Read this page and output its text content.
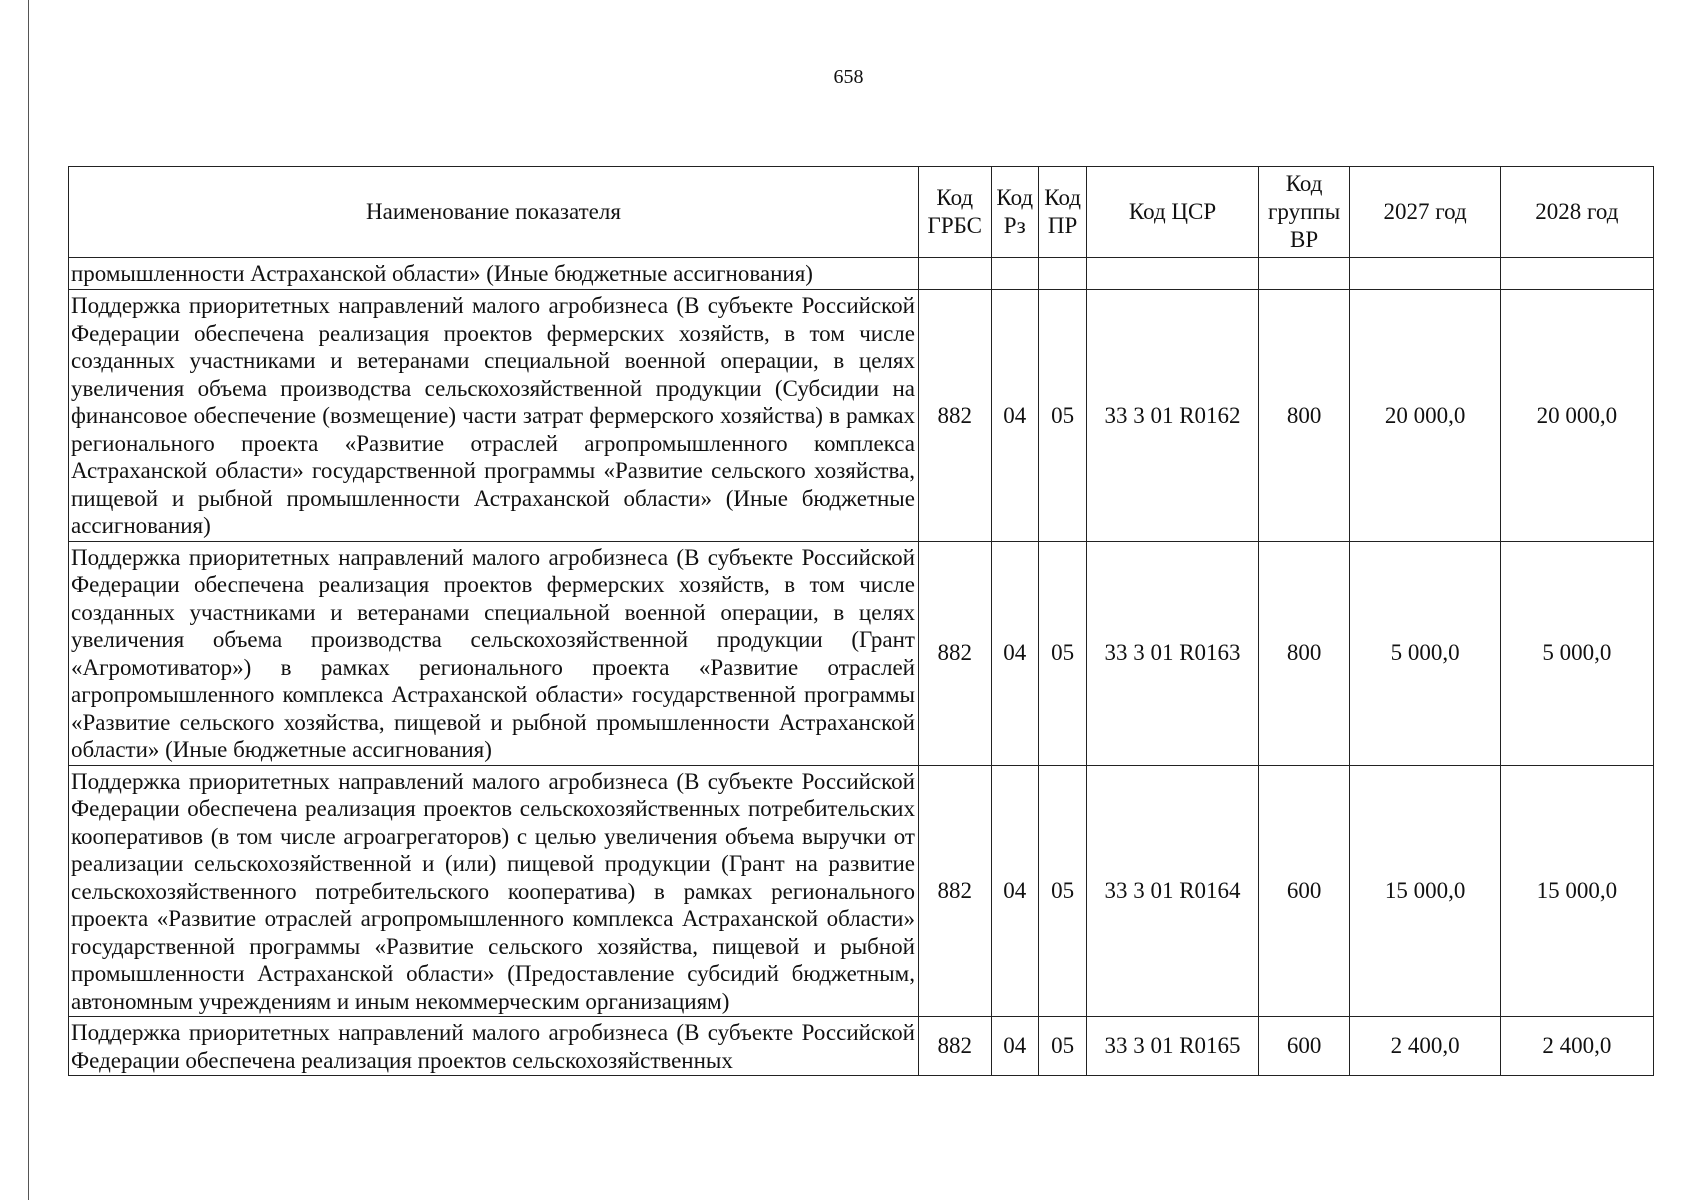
658
Наименование показателя	Код ГРБС	Код Рз	Код ПР	Код ЦСР	Код группы ВР	2027 год	2028 год
промышленности Астраханской области» (Иные бюджетные ассигнования)							
Поддержка приоритетных направлений малого агробизнеса (В субъекте Российской Федерации обеспечена реализация проектов фермерских хозяйств, в том числе созданных участниками и ветеранами специальной военной операции, в целях увеличения объема производства сельскохозяйственной продукции (Субсидии на финансовое обеспечение (возмещение) части затрат фермерского хозяйства) в рамках регионального проекта «Развитие отраслей агропромышленного комплекса Астраханской области» государственной программы «Развитие сельского хозяйства, пищевой и рыбной промышленности Астраханской области» (Иные бюджетные ассигнования)	882	04	05	33 3 01 R0162	800	20 000,0	20 000,0
Поддержка приоритетных направлений малого агробизнеса (В субъекте Российской Федерации обеспечена реализация проектов фермерских хозяйств, в том числе созданных участниками и ветеранами специальной военной операции, в целях увеличения объема производства сельскохозяйственной продукции (Грант «Агромотиватор») в рамках регионального проекта «Развитие отраслей агропромышленного комплекса Астраханской области» государственной программы «Развитие сельского хозяйства, пищевой и рыбной промышленности Астраханской области» (Иные бюджетные ассигнования)	882	04	05	33 3 01 R0163	800	5 000,0	5 000,0
Поддержка приоритетных направлений малого агробизнеса (В субъекте Российской Федерации обеспечена реализация проектов сельскохозяйственных потребительских кооперативов (в том числе агроагрегаторов) с целью увеличения объема выручки от реализации сельскохозяйственной и (или) пищевой продукции (Грант на развитие сельскохозяйственного потребительского кооператива) в рамках регионального проекта «Развитие отраслей агропромышленного комплекса Астраханской области» государственной программы «Развитие сельского хозяйства, пищевой и рыбной промышленности Астраханской области» (Предоставление субсидий бюджетным, автономным учреждениям и иным некоммерческим организациям)	882	04	05	33 3 01 R0164	600	15 000,0	15 000,0
Поддержка приоритетных направлений малого агробизнеса (В субъекте Российской Федерации обеспечена реализация проектов сельскохозяйственных	882	04	05	33 3 01 R0165	600	2 400,0	2 400,0
